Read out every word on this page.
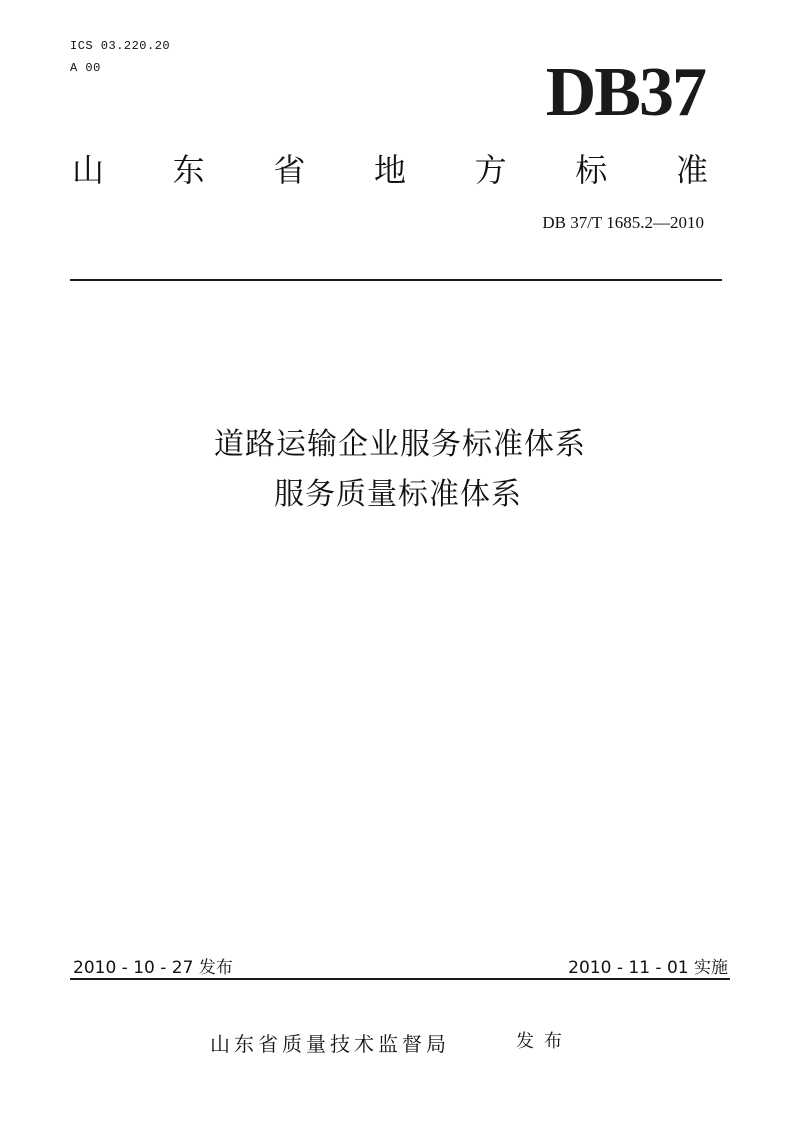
ICS 03.220.20
A 00	DB37
山 东 省 地 方 标 准
DB 37/T 1685.2—2010
道路运输企业服务标准体系
服务质量标准体系
2010 - 10 - 27 发布	2010 - 11 - 01 实施
山东省质量技术监督局	发布
